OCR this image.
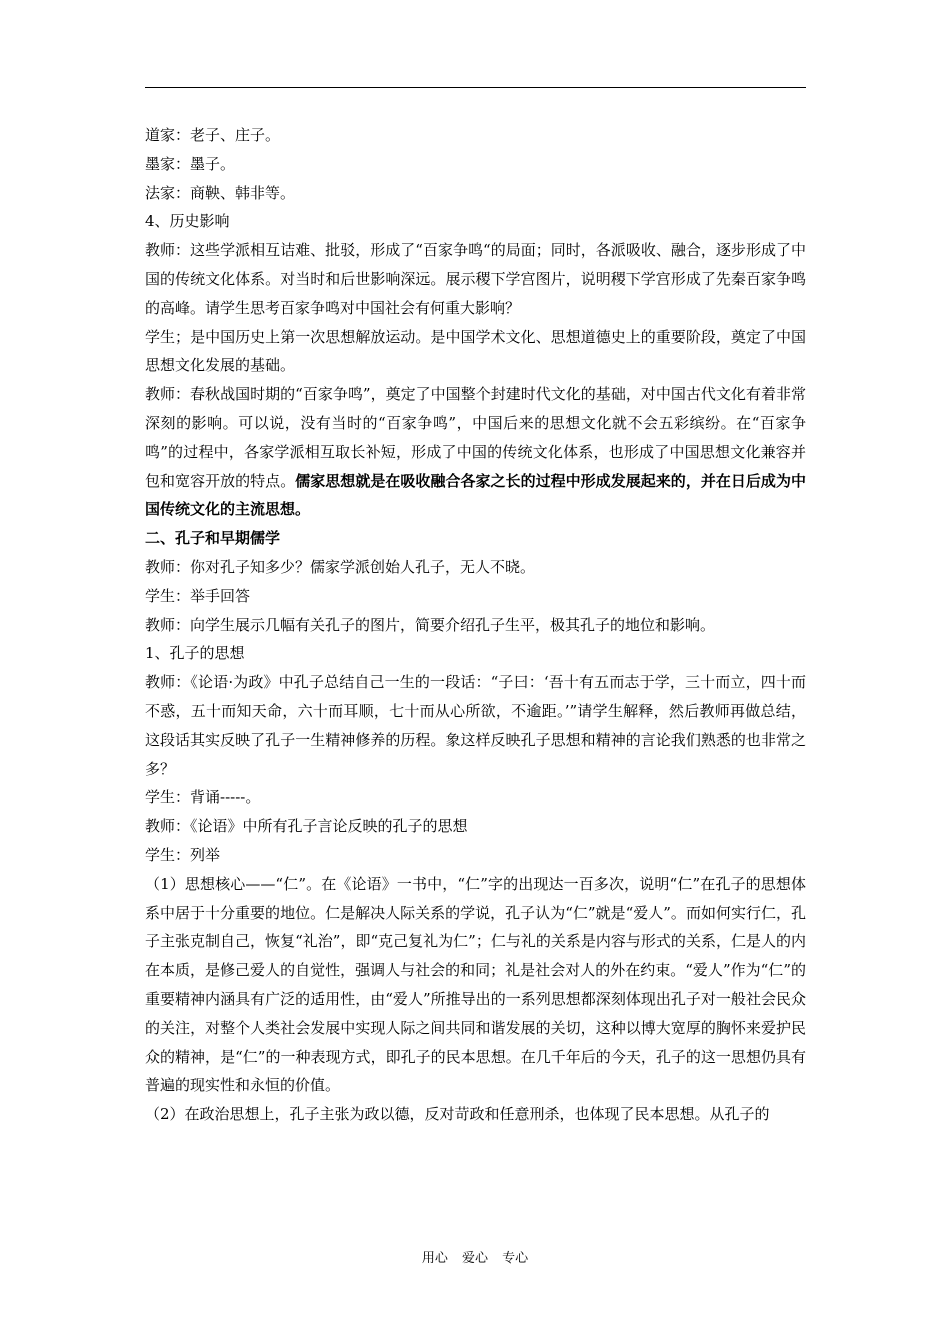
道家：老子、庄子。

墨家：墨子。

法家：商鞅、韩非等。

4、历史影响

教师：这些学派相互诘难、批驳，形成了“百家争鸣“的局面；同时，各派吸收、融合，逐步形成了中国的传统文化体系。对当时和后世影响深远。展示稷下学宫图片，说明稷下学宫形成了先秦百家争鸣的高峰。请学生思考百家争鸣对中国社会有何重大影响？

学生；是中国历史上第一次思想解放运动。是中国学术文化、思想道德史上的重要阶段，奠定了中国思想文化发展的基础。

教师：春秋战国时期的“百家争鸣”，奠定了中国整个封建时代文化的基础，对中国古代文化有着非常深刻的影响。可以说，没有当时的“百家争鸣”，中国后来的思想文化就不会五彩缤纷。在“百家争鸣”的过程中，各家学派相互取长补短，形成了中国的传统文化体系，也形成了中国思想文化兼容并包和宽容开放的特点。儒家思想就是在吸收融合各家之长的过程中形成发展起来的，并在日后成为中国传统文化的主流思想。

二、孔子和早期儒学

教师：你对孔子知多少？儒家学派创始人孔子，无人不晓。

学生：举手回答

教师：向学生展示几幅有关孔子的图片，简要介绍孔子生平，极其孔子的地位和影响。

1、孔子的思想

教师：《论语·为政》中孔子总结自己一生的一段话：“子曰：‘吾十有五而志于学，三十而立，四十而不惑，五十而知天命，六十而耳顺，七十而从心所欲，不逾距。’”请学生解释，然后教师再做总结，这段话其实反映了孔子一生精神修养的历程。象这样反映孔子思想和精神的言论我们熟悉的也非常之多？

学生：背诵-----。

教师：《论语》中所有孔子言论反映的孔子的思想

学生：列举

（1）思想核心——“仁”。在《论语》一书中，“仁”字的出现达一百多次，说明“仁”在孔子的思想体系中居于十分重要的地位。仁是解决人际关系的学说，孔子认为“仁”就是“爱人”。而如何实行仁，孔子主张克制自己，恢复“礼治”，即“克己复礼为仁”；仁与礼的关系是内容与形式的关系，仁是人的内在本质，是修己爱人的自觉性，强调人与社会的和同；礼是社会对人的外在约束。“爱人”作为“仁”的重要精神内涵具有广泛的适用性，由“爱人”所推导出的一系列思想都深刻体现出孔子对一般社会民众的关注，对整个人类社会发展中实现人际之间共同和谐发展的关切，这种以博大宽厚的胸怀来爱护民众的精神，是“仁”的一种表现方式，即孔子的民本思想。在几千年后的今天，孔子的这一思想仍具有普遍的现实性和永恒的价值。

（2）在政治思想上，孔子主张为政以德，反对苛政和任意刑杀，也体现了民本思想。从孔子的

用心 爱心 专心
